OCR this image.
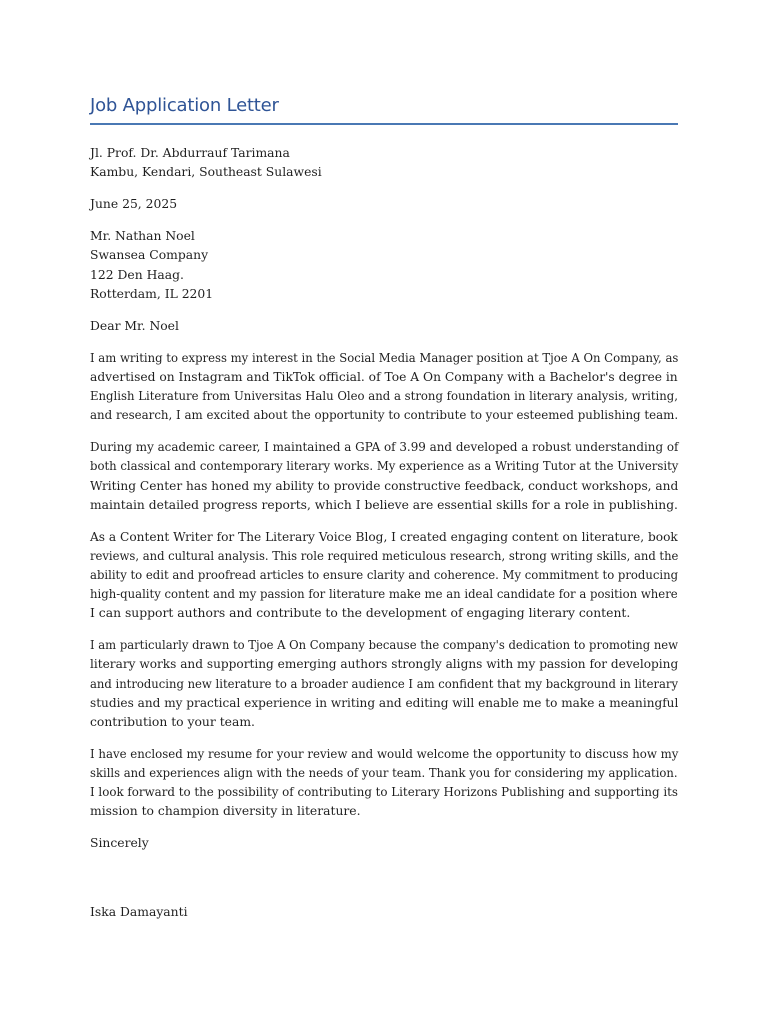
Job Application Letter
Jl. Prof. Dr. Abdurrauf Tarimana
Kambu, Kendari, Southeast Sulawesi
June 25, 2025
Mr. Nathan Noel
Swansea Company
122 Den Haag.
Rotterdam, IL 2201
Dear Mr. Noel
I am writing to express my interest in the Social Media Manager position at Tjoe A On Company, as
advertised on Instagram and TikTok official. of Toe A On Company with a Bachelor's degree in
English Literature from Universitas Halu Oleo and a strong foundation in literary analysis, writing,
and research, I am excited about the opportunity to contribute to your esteemed publishing team.
During my academic career, I maintained a GPA of 3.99 and developed a robust understanding of
both classical and contemporary literary works. My experience as a Writing Tutor at the University
Writing Center has honed my ability to provide constructive feedback, conduct workshops, and
maintain detailed progress reports, which I believe are essential skills for a role in publishing.
As a Content Writer for The Literary Voice Blog, I created engaging content on literature, book
reviews, and cultural analysis. This role required meticulous research, strong writing skills, and the
ability to edit and proofread articles to ensure clarity and coherence. My commitment to producing
high-quality content and my passion for literature make me an ideal candidate for a position where
I can support authors and contribute to the development of engaging literary content.
I am particularly drawn to Tjoe A On Company because the company's dedication to promoting new
literary works and supporting emerging authors strongly aligns with my passion for developing
and introducing new literature to a broader audience I am confident that my background in literary
studies and my practical experience in writing and editing will enable me to make a meaningful
contribution to your team.
I have enclosed my resume for your review and would welcome the opportunity to discuss how my
skills and experiences align with the needs of your team. Thank you for considering my application.
I look forward to the possibility of contributing to Literary Horizons Publishing and supporting its
mission to champion diversity in literature.
Sincerely
Iska Damayanti
